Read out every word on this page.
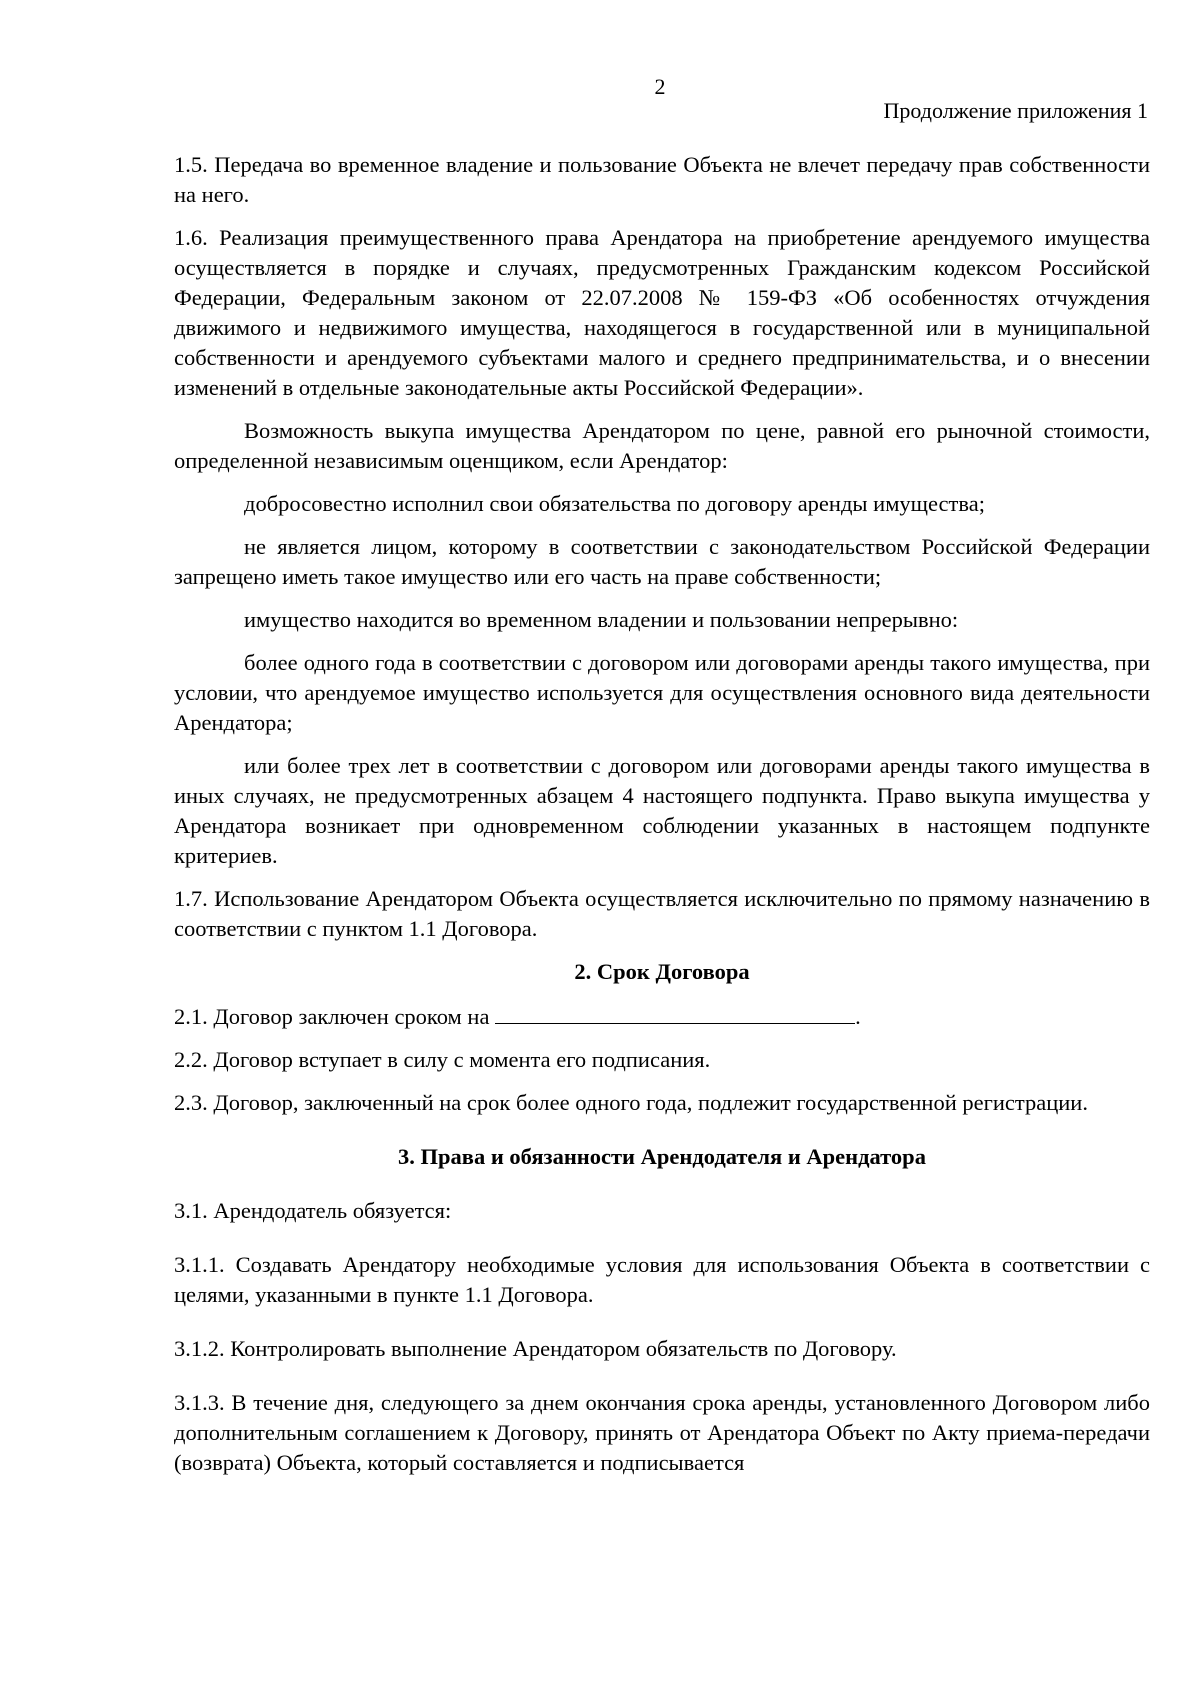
2
Продолжение приложения 1

1.5. Передача во временное владение и пользование Объекта не влечет передачу прав собственности на него.

1.6. Реализация преимущественного права Арендатора на приобретение арендуемого имущества осуществляется в порядке и случаях, предусмотренных Гражданским кодексом Российской Федерации, Федеральным законом от 22.07.2008 № 159-ФЗ «Об особенностях отчуждения движимого и недвижимого имущества, находящегося в государственной или в муниципальной собственности и арендуемого субъектами малого и среднего предпринимательства, и о внесении изменений в отдельные законодательные акты Российской Федерации».

Возможность выкупа имущества Арендатором по цене, равной его рыночной стоимости, определенной независимым оценщиком, если Арендатор:

добросовестно исполнил свои обязательства по договору аренды имущества;

не является лицом, которому в соответствии с законодательством Российской Федерации запрещено иметь такое имущество или его часть на праве собственности;

имущество находится во временном владении и пользовании непрерывно:

более одного года в соответствии с договором или договорами аренды такого имущества, при условии, что арендуемое имущество используется для осуществления основного вида деятельности Арендатора;

или более трех лет в соответствии с договором или договорами аренды такого имущества в иных случаях, не предусмотренных абзацем 4 настоящего подпункта. Право выкупа имущества у Арендатора возникает при одновременном соблюдении указанных в настоящем подпункте критериев.

1.7. Использование Арендатором Объекта осуществляется исключительно по прямому назначению в соответствии с пунктом 1.1 Договора.

2. Срок Договора

2.1. Договор заключен сроком на	.

2.2. Договор вступает в силу с момента его подписания.

2.3. Договор, заключенный на срок более одного года, подлежит государственной регистрации.

3. Права и обязанности Арендодателя и Арендатора

3.1. Арендодатель обязуется:

3.1.1. Создавать Арендатору необходимые условия для использования Объекта в соответствии с целями, указанными в пункте 1.1 Договора.

3.1.2. Контролировать выполнение Арендатором обязательств по Договору.

3.1.3. В течение дня, следующего за днем окончания срока аренды, установленного Договором либо дополнительным соглашением к Договору, принять от Арендатора Объект по Акту приема-передачи (возврата) Объекта, который составляется и подписывается
